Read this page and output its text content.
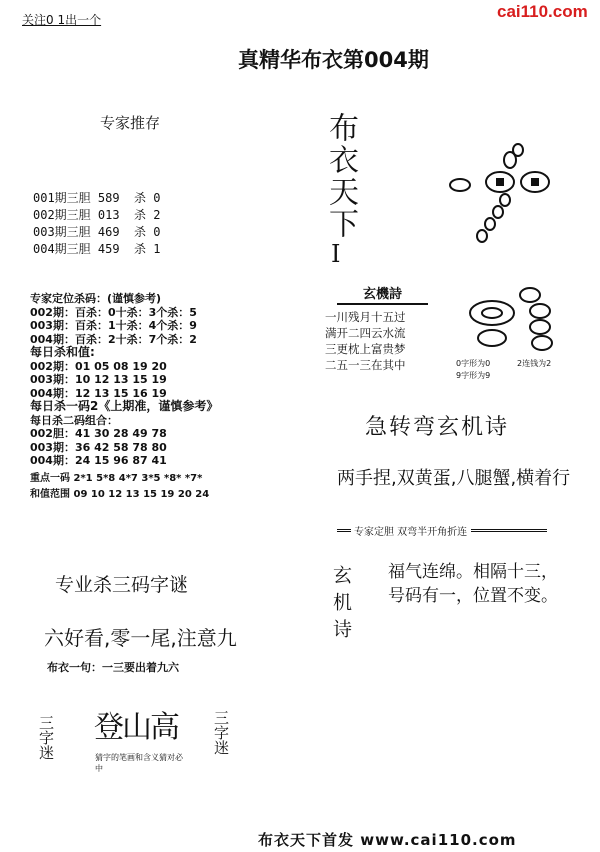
关注0 1出一个	cai110.com
真精华布衣第004期
专家推存
001期三胆 589  杀 0
002期三胆 013  杀 2
003期三胆 469  杀 0
004期三胆 459  杀 1
布衣天下
I
专家定位杀码：(谨慎参考)
002期：百杀：0十杀：3个杀：5
003期：百杀：1十杀：4个杀：9
004期：百杀：2十杀：7个杀：2
每日杀和值:
002期：01 05 08 19 20
003期：10 12 13 15 19
004期：12 13 15 16 19
每日杀一码2《上期准，谨慎参考》
每日杀二码组合：
002胆：41 30 28 49 78
003期：36 42 58 78 80
004期：24 15 96 87 41
重点一码 2*1 5*8 4*7 3*5 *8* *7*
和值范围 09 10 12 13 15 19 20 24
玄機詩
一川残月十五过
满开二四云水流
三更枕上富贵梦
二五一三在其中	0字形为0	2连钱为2
9字形为9
急转弯玄机诗
两手捏,双黄蛋,八腿蟹,横着行
专家定胆 双弯半开角折连
玄机诗 福气连绵。相隔十三，
号码有一，位置不变。
专业杀三码字谜
六好看,零一尾,注意九
布衣一句：一三要出着九六
三字迷 登山高
猜字的笔画和含义猜对必中
三字迷
布衣天下首发 www.cai110.com
